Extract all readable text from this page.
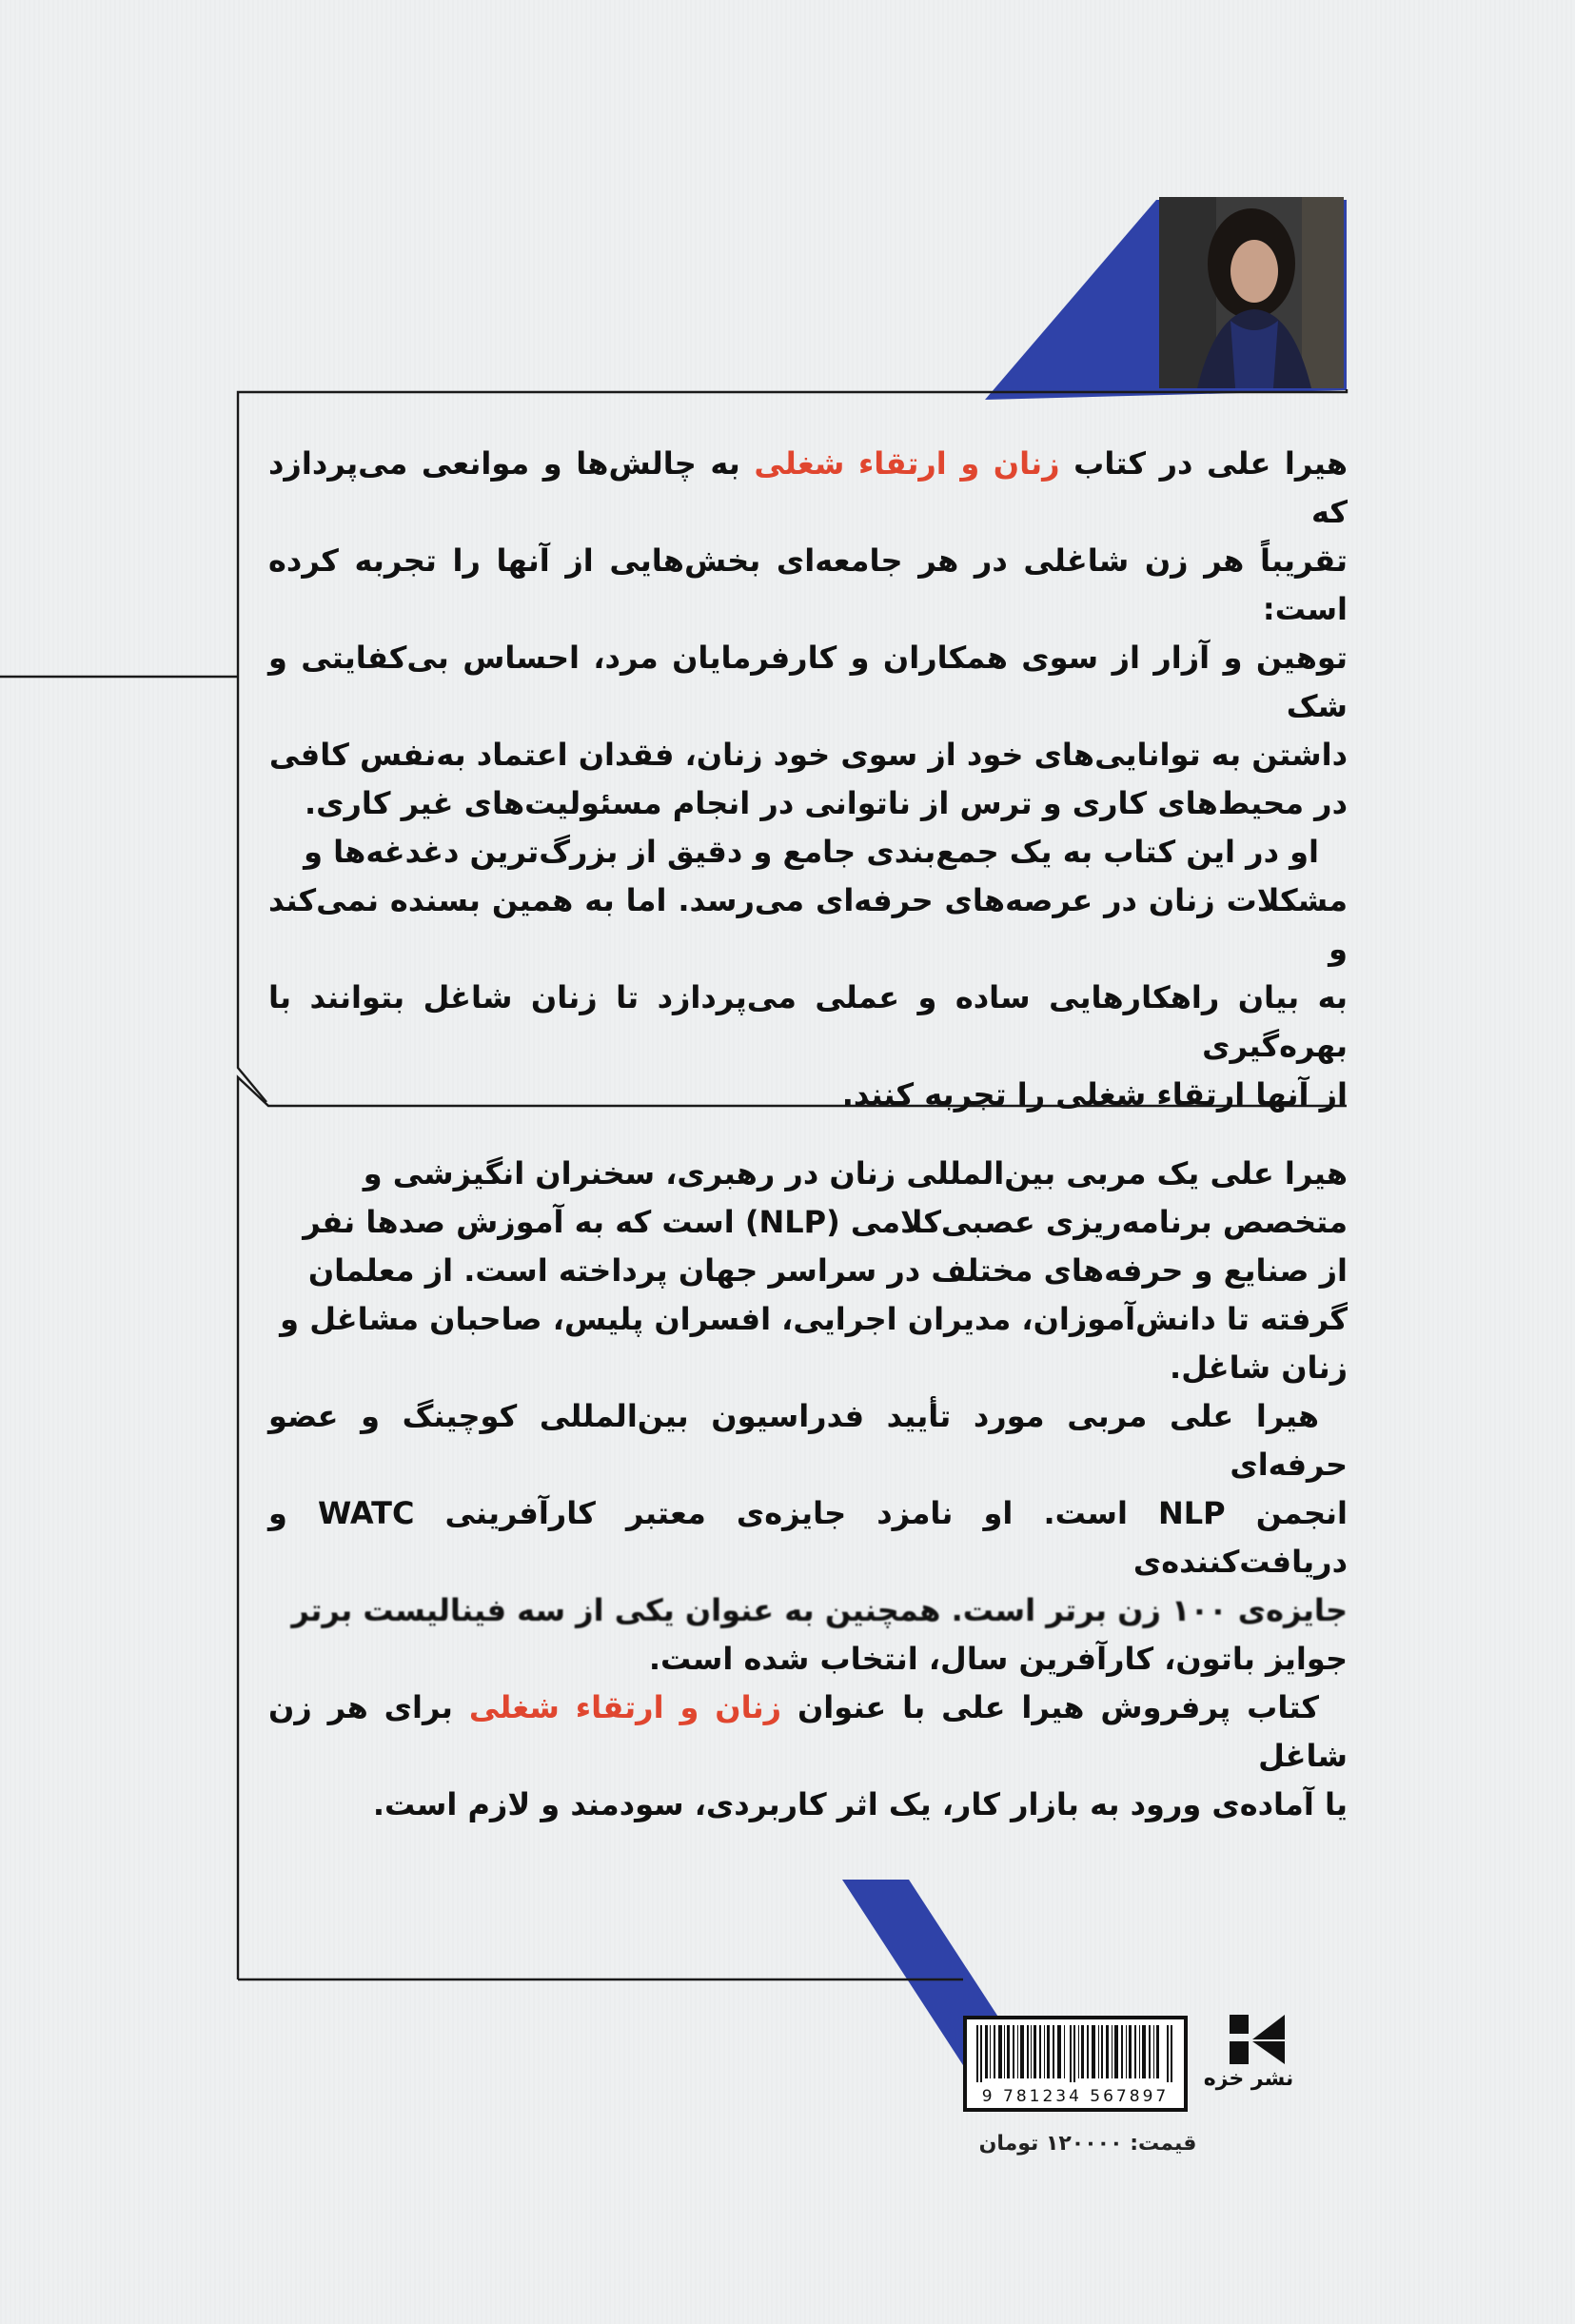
هیرا علی در کتاب زنان و ارتقاء شغلی به چالش‌ها و موانعی می‌پردازد که
تقریباً هر زن شاغلی در هر جامعه‌ای بخش‌هایی از آنها را تجربه کرده است:
توهین و آزار از سوی همکاران و کارفرمایان مرد، احساس بی‌کفایتی و شک
داشتن به توانایی‌های خود از سوی خود زنان، فقدان اعتماد به‌نفس کافی
در محیط‌های کاری و ترس از ناتوانی در انجام مسئولیت‌های غیر کاری.

او در این کتاب به یک جمع‌بندی جامع و دقیق از بزرگ‌ترین دغدغه‌ها و
مشکلات زنان در عرصه‌های حرفه‌ای می‌رسد. اما به همین بسنده نمی‌کند و
به بیان راهکارهایی ساده و عملی می‌پردازد تا زنان شاغل بتوانند با بهره‌گیری
از آنها ارتقاء شغلی را تجربه کنند.

هیرا علی یک مربی بین‌المللی زنان در رهبری، سخنران انگیزشی و
متخصص برنامه‌ریزی عصبی‌کلامی (NLP) است که به آموزش صدها نفر
از صنایع و حرفه‌های مختلف در سراسر جهان پرداخته است. از معلمان
گرفته تا دانش‌آموزان، مدیران اجرایی، افسران پلیس، صاحبان مشاغل و
زنان شاغل.

هیرا علی مربی مورد تأیید فدراسیون بین‌المللی کوچینگ و عضو حرفه‌ای
انجمن NLP است. او نامزد جایزه‌ی معتبر کارآفرینی WATC و دریافت‌کننده‌ی
جایزه‌ی ۱۰۰ زن برتر است. همچنین به عنوان یکی از سه فینالیست برتر
جوایز باتون، کارآفرین سال، انتخاب شده است.

کتاب پرفروش هیرا علی با عنوان زنان و ارتقاء شغلی برای هر زن شاغل
یا آماده‌ی ورود به بازار کار، یک اثر کاربردی، سودمند و لازم است.

9 781234 567897
نشر خزه
قیمت: ۱۲۰۰۰۰ تومان
